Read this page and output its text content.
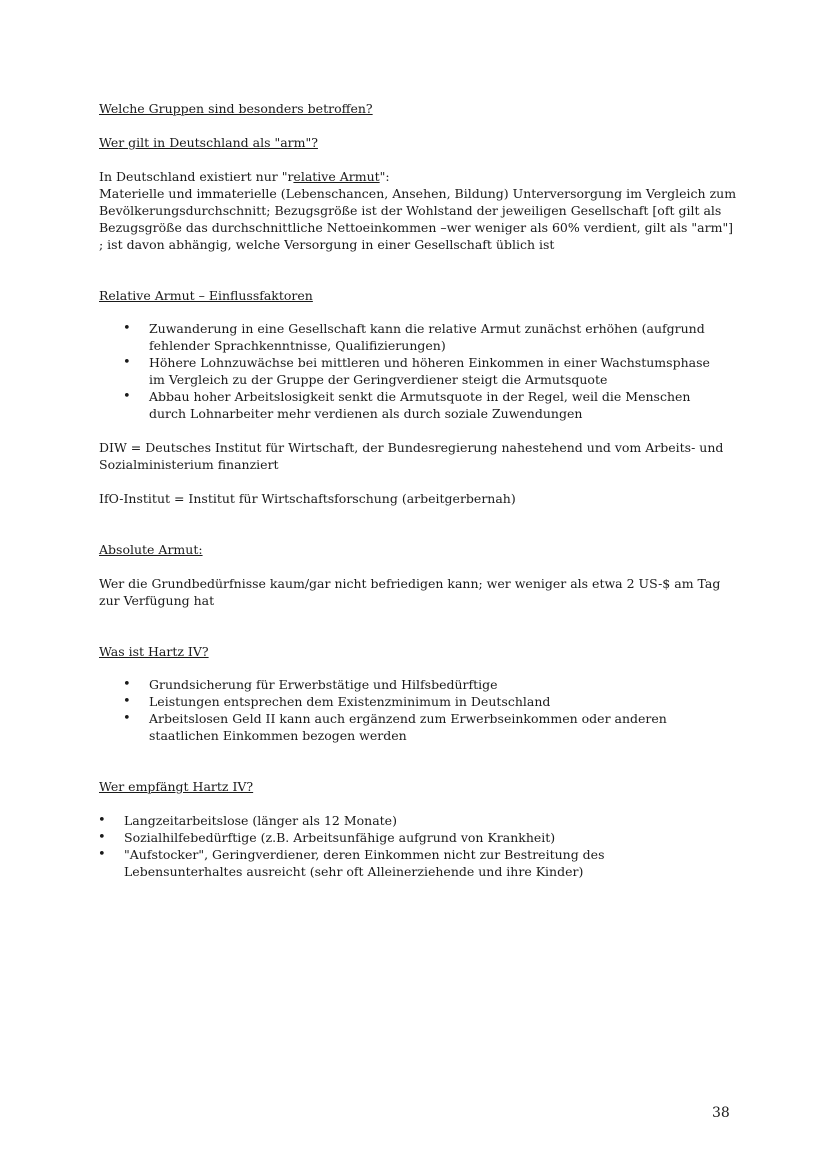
Welche Gruppen sind besonders betroffen?

Wer gilt in Deutschland als "arm"?

In Deutschland existiert nur "relative Armut":

Materielle und immaterielle (Lebenschancen, Ansehen, Bildung) Unterversorgung im Vergleich zum Bevölkerungsdurchschnitt; Bezugsgröße ist der Wohlstand der jeweiligen Gesellschaft [oft gilt als Bezugsgröße das durchschnittliche Nettoeinkommen –wer weniger als 60% verdient, gilt als "arm"] ; ist davon abhängig, welche Versorgung in einer Gesellschaft üblich ist

Relative Armut – Einflussfaktoren

• Zuwanderung in eine Gesellschaft kann die relative Armut zunächst erhöhen (aufgrund fehlender Sprachkenntnisse, Qualifizierungen)
• Höhere Lohnzuwächse bei mittleren und höheren Einkommen in einer Wachstumsphase im Vergleich zu der Gruppe der Geringverdiener steigt die Armutsquote
• Abbau hoher Arbeitslosigkeit senkt die Armutsquote in der Regel, weil die Menschen durch Lohnarbeiter mehr verdienen als durch soziale Zuwendungen

DIW = Deutsches Institut für Wirtschaft, der Bundesregierung nahestehend und vom Arbeits- und Sozialministerium finanziert

IfO-Institut = Institut für Wirtschaftsforschung (arbeitgerbernah)

Absolute Armut:

Wer die Grundbedürfnisse kaum/gar nicht befriedigen kann; wer weniger als etwa 2 US-$ am Tag zur Verfügung hat

Was ist Hartz IV?

• Grundsicherung für Erwerbstätige und Hilfsbedürftige
• Leistungen entsprechen dem Existenzminimum in Deutschland
• Arbeitslosen Geld II kann auch ergänzend zum Erwerbseinkommen oder anderen staatlichen Einkommen bezogen werden

Wer empfängt Hartz IV?

• Langzeitarbeitslose (länger als 12 Monate)
• Sozialhilfebedürftige (z.B. Arbeitsunfähige aufgrund von Krankheit)
• "Aufstocker", Geringverdiener, deren Einkommen nicht zur Bestreitung des Lebensunterhaltes ausreicht (sehr oft Alleinerziehende und ihre Kinder)
38
